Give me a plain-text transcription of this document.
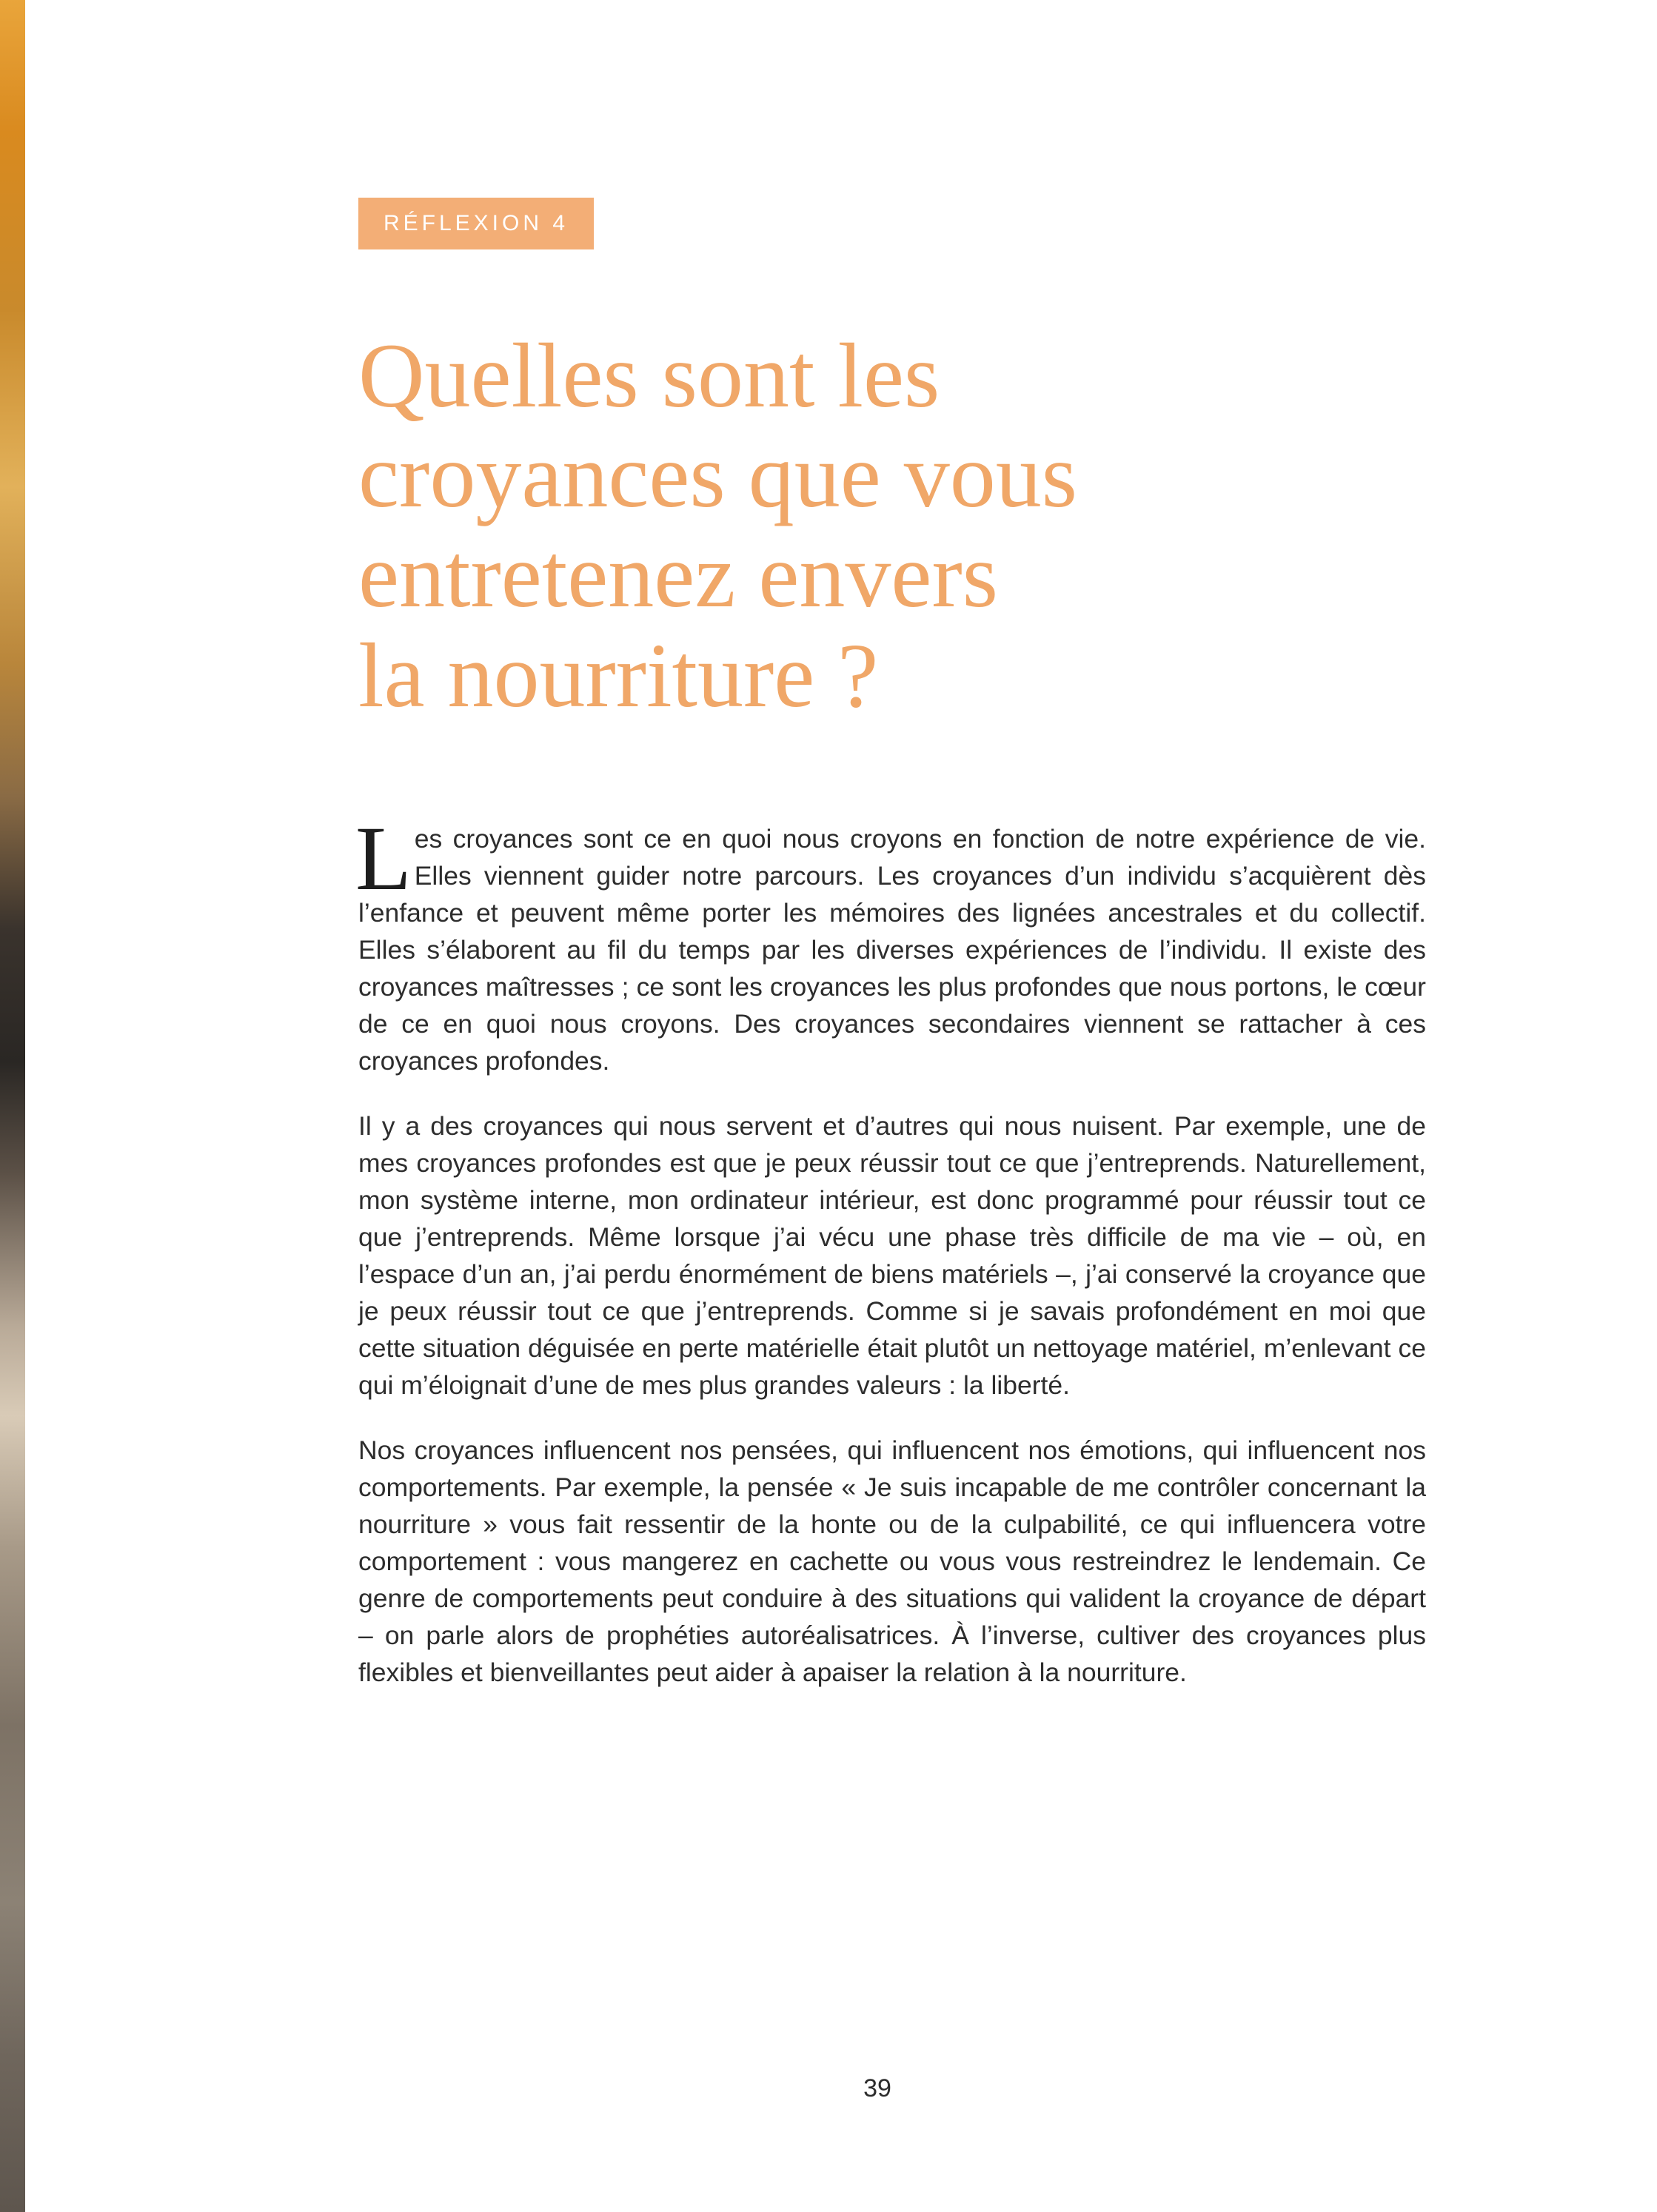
RÉFLEXION 4
Quelles sont les
croyances que vous
entretenez envers
la nourriture ?

Les croyances sont ce en quoi nous croyons en fonction de notre expérience de vie. Elles viennent guider notre parcours. Les croyances d’un individu s’acquièrent dès l’enfance et peuvent même porter les mémoires des lignées ancestrales et du collectif. Elles s’élaborent au fil du temps par les diverses expériences de l’individu. Il existe des croyances maîtresses ; ce sont les croyances les plus profondes que nous portons, le cœur de ce en quoi nous croyons. Des croyances secondaires viennent se rattacher à ces croyances profondes.

Il y a des croyances qui nous servent et d’autres qui nous nuisent. Par exemple, une de mes croyances profondes est que je peux réussir tout ce que j’entreprends. Naturellement, mon système interne, mon ordinateur intérieur, est donc programmé pour réussir tout ce que j’entreprends. Même lorsque j’ai vécu une phase très difficile de ma vie – où, en l’espace d’un an, j’ai perdu énormément de biens matériels –, j’ai conservé la croyance que je peux réussir tout ce que j’entreprends. Comme si je savais profondément en moi que cette situation déguisée en perte matérielle était plutôt un nettoyage matériel, m’enlevant ce qui m’éloignait d’une de mes plus grandes valeurs : la liberté.

Nos croyances influencent nos pensées, qui influencent nos émotions, qui influencent nos comportements. Par exemple, la pensée « Je suis incapable de me contrôler concernant la nourriture » vous fait ressentir de la honte ou de la culpabilité, ce qui influencera votre comportement : vous mangerez en cachette ou vous vous restreindrez le lendemain. Ce genre de comportements peut conduire à des situations qui valident la croyance de départ – on parle alors de prophéties autoréalisatrices. À l’inverse, cultiver des croyances plus flexibles et bienveillantes peut aider à apaiser la relation à la nourriture.

39
